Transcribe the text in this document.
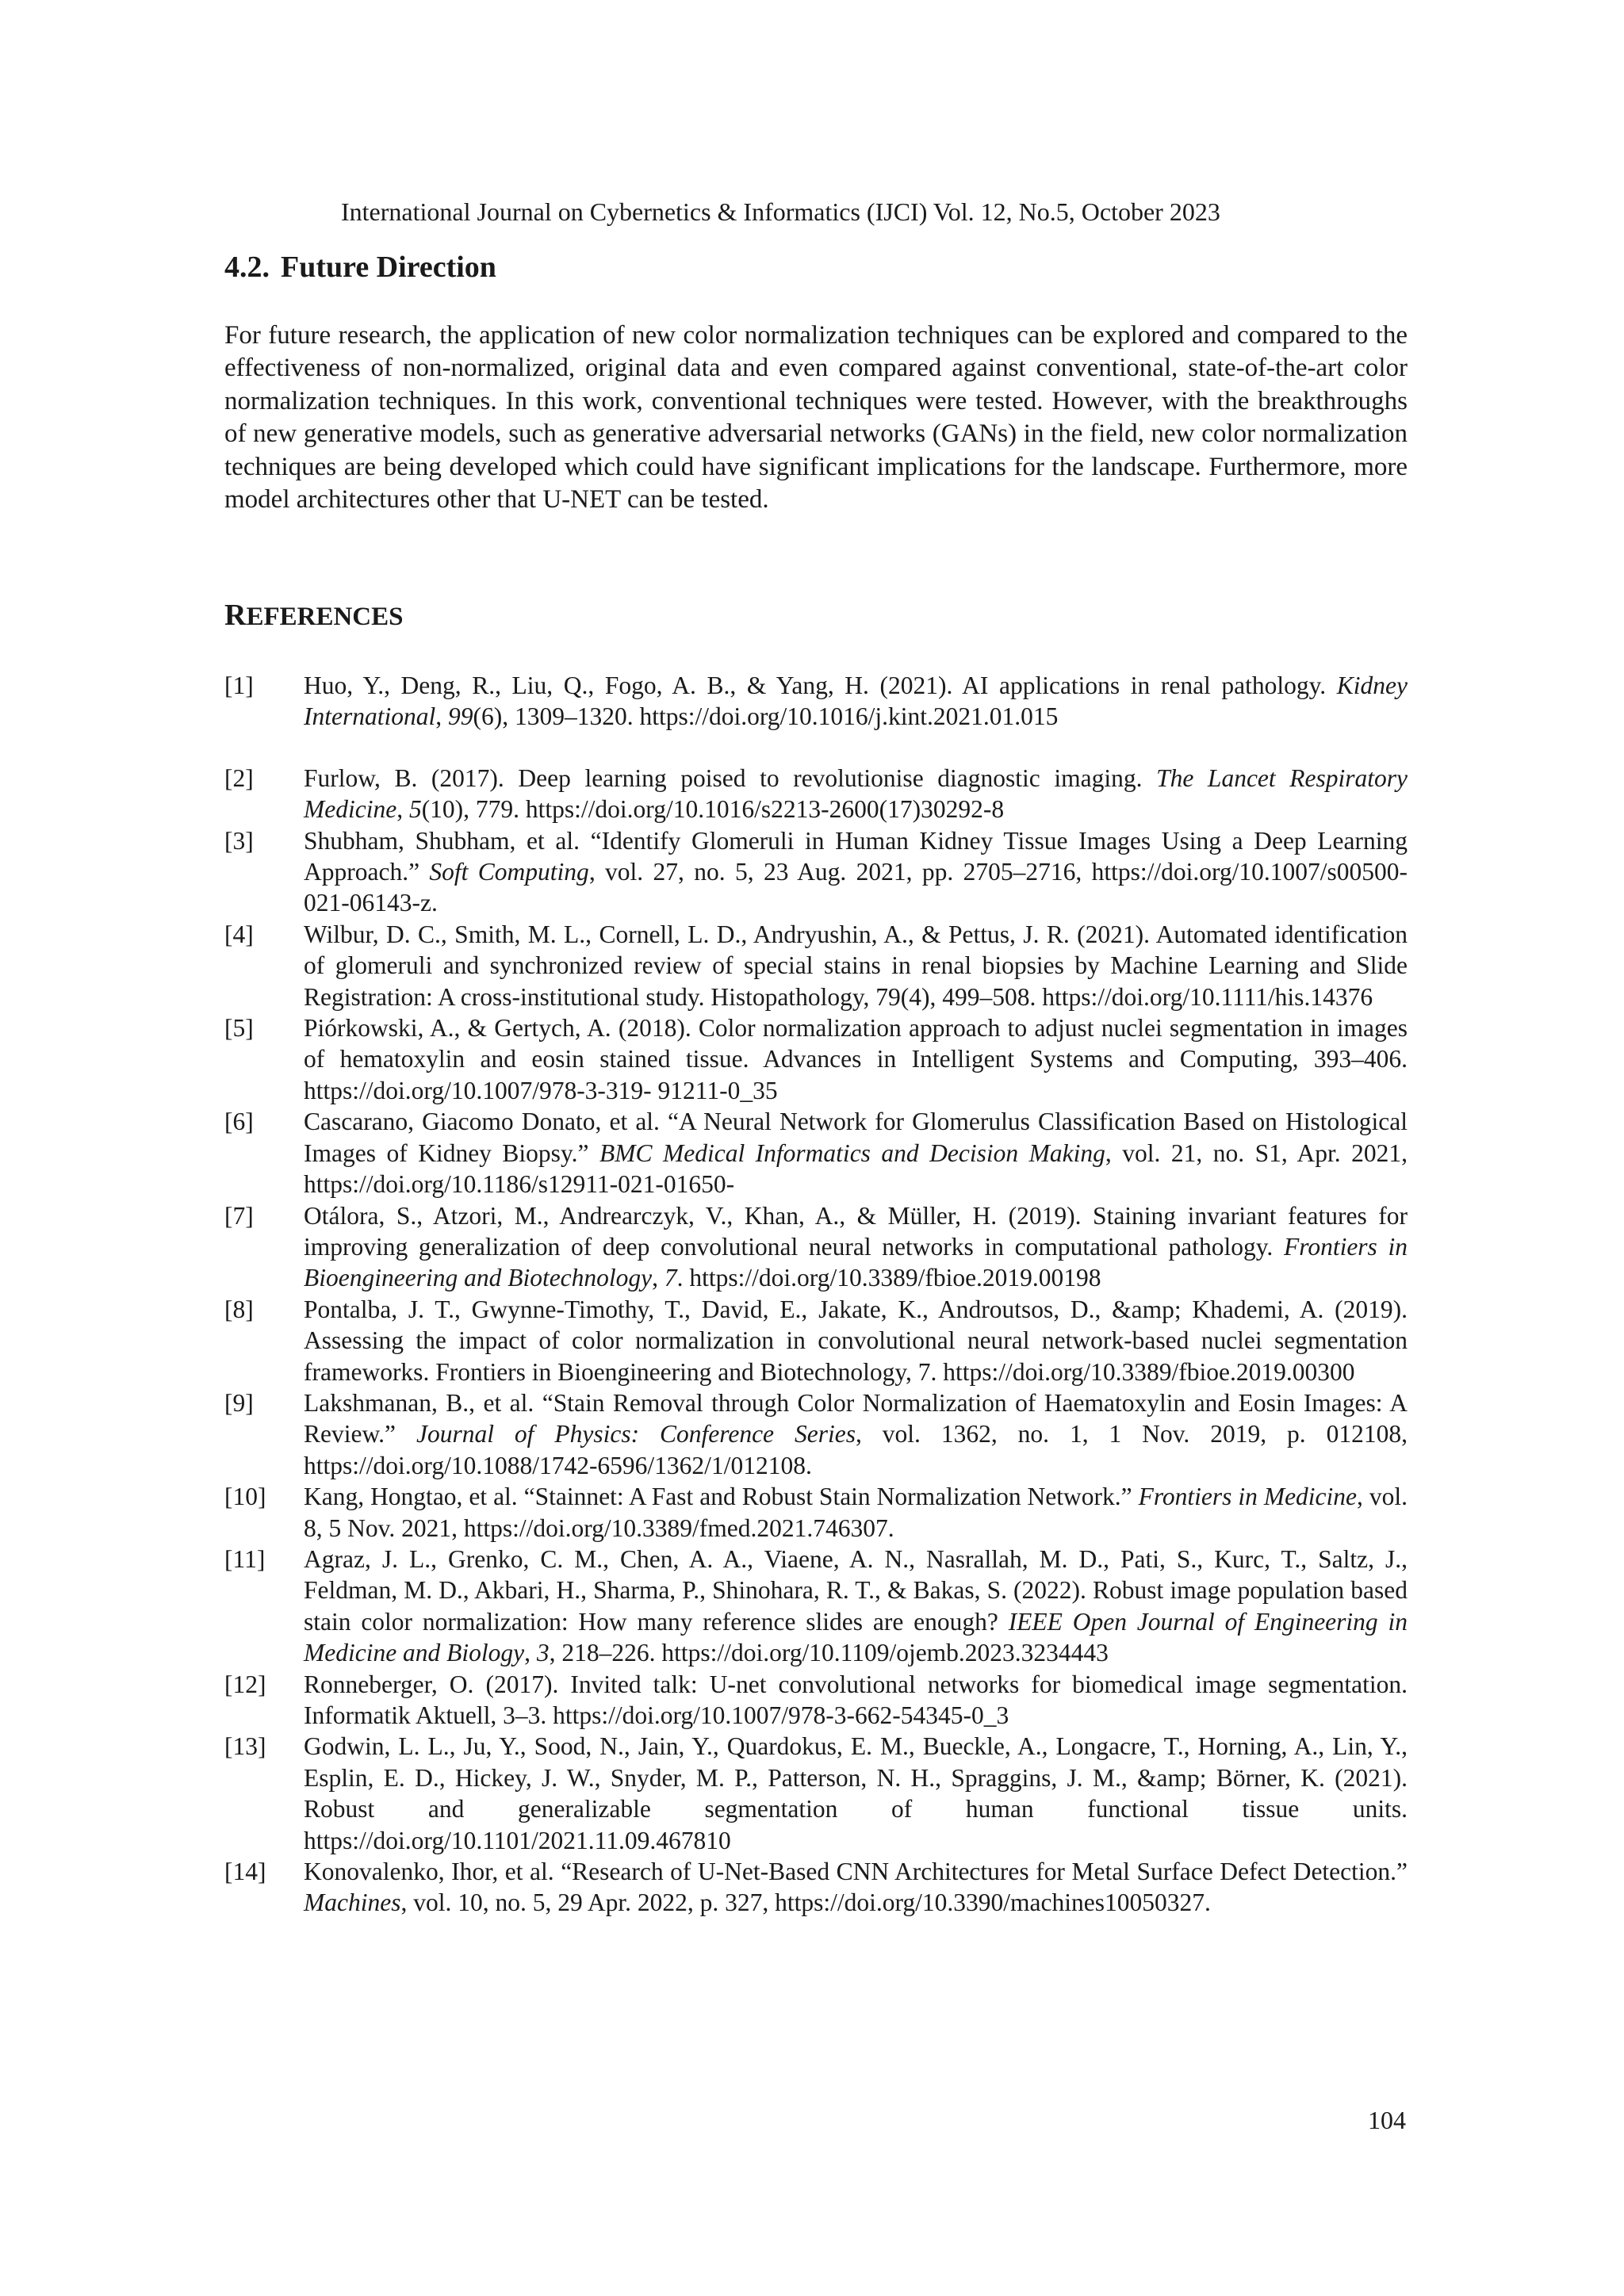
International Journal on Cybernetics & Informatics (IJCI) Vol. 12, No.5, October 2023
4.2. Future Direction

For future research, the application of new color normalization techniques can be explored and compared to the effectiveness of non-normalized, original data and even compared against conventional, state-of-the-art color normalization techniques. In this work, conventional techniques were tested. However, with the breakthroughs of new generative models, such as generative adversarial networks (GANs) in the field, new color normalization techniques are being developed which could have significant implications for the landscape. Furthermore, more model architectures other that U-NET can be tested.

REFERENCES
[1]	Huo, Y., Deng, R., Liu, Q., Fogo, A. B., & Yang, H. (2021). AI applications in renal pathology. Kidney International, 99(6), 1309–1320. https://doi.org/10.1016/j.kint.2021.01.015
[2]	Furlow, B. (2017). Deep learning poised to revolutionise diagnostic imaging. The Lancet Respiratory Medicine, 5(10), 779. https://doi.org/10.1016/s2213-2600(17)30292-8
[3]	Shubham, Shubham, et al. “Identify Glomeruli in Human Kidney Tissue Images Using a Deep Learning Approach.” Soft Computing, vol. 27, no. 5, 23 Aug. 2021, pp. 2705–2716, https://doi.org/10.1007/s00500-021-06143-z.
[4]	Wilbur, D. C., Smith, M. L., Cornell, L. D., Andryushin, A., & Pettus, J. R. (2021). Automated identification of glomeruli and synchronized review of special stains in renal biopsies by Machine Learning and Slide Registration: A cross-institutional study. Histopathology, 79(4), 499–508. https://doi.org/10.1111/his.14376
[5]	Piórkowski, A., & Gertych, A. (2018). Color normalization approach to adjust nuclei segmentation in images of hematoxylin and eosin stained tissue. Advances in Intelligent Systems and Computing, 393–406. https://doi.org/10.1007/978-3-319- 91211-0_35
[6]	Cascarano, Giacomo Donato, et al. “A Neural Network for Glomerulus Classification Based on Histological Images of Kidney Biopsy.” BMC Medical Informatics and Decision Making, vol. 21, no. S1, Apr. 2021, https://doi.org/10.1186/s12911-021-01650-
[7]	Otálora, S., Atzori, M., Andrearczyk, V., Khan, A., & Müller, H. (2019). Staining invariant features for improving generalization of deep convolutional neural networks in computational pathology. Frontiers in Bioengineering and Biotechnology, 7. https://doi.org/10.3389/fbioe.2019.00198
[8]	Pontalba, J. T., Gwynne-Timothy, T., David, E., Jakate, K., Androutsos, D., &amp; Khademi, A. (2019). Assessing the impact of color normalization in convolutional neural network-based nuclei segmentation frameworks. Frontiers in Bioengineering and Biotechnology, 7. https://doi.org/10.3389/fbioe.2019.00300
[9]	Lakshmanan, B., et al. “Stain Removal through Color Normalization of Haematoxylin and Eosin Images: A Review.” Journal of Physics: Conference Series, vol. 1362, no. 1, 1 Nov. 2019, p. 012108, https://doi.org/10.1088/1742-6596/1362/1/012108.
[10]	Kang, Hongtao, et al. “Stainnet: A Fast and Robust Stain Normalization Network.” Frontiers in Medicine, vol. 8, 5 Nov. 2021, https://doi.org/10.3389/fmed.2021.746307.
[11]	Agraz, J. L., Grenko, C. M., Chen, A. A., Viaene, A. N., Nasrallah, M. D., Pati, S., Kurc, T., Saltz, J., Feldman, M. D., Akbari, H., Sharma, P., Shinohara, R. T., & Bakas, S. (2022). Robust image population based stain color normalization: How many reference slides are enough? IEEE Open Journal of Engineering in Medicine and Biology, 3, 218–226. https://doi.org/10.1109/ojemb.2023.3234443
[12]	Ronneberger, O. (2017). Invited talk: U-net convolutional networks for biomedical image segmentation. Informatik Aktuell, 3–3. https://doi.org/10.1007/978-3-662-54345-0_3
[13]	Godwin, L. L., Ju, Y., Sood, N., Jain, Y., Quardokus, E. M., Bueckle, A., Longacre, T., Horning, A., Lin, Y., Esplin, E. D., Hickey, J. W., Snyder, M. P., Patterson, N. H., Spraggins, J. M., &amp; Börner, K. (2021). Robust and generalizable segmentation of human functional tissue units. https://doi.org/10.1101/2021.11.09.467810
[14]	Konovalenko, Ihor, et al. “Research of U-Net-Based CNN Architectures for Metal Surface Defect Detection.” Machines, vol. 10, no. 5, 29 Apr. 2022, p. 327, https://doi.org/10.3390/machines10050327.
104
